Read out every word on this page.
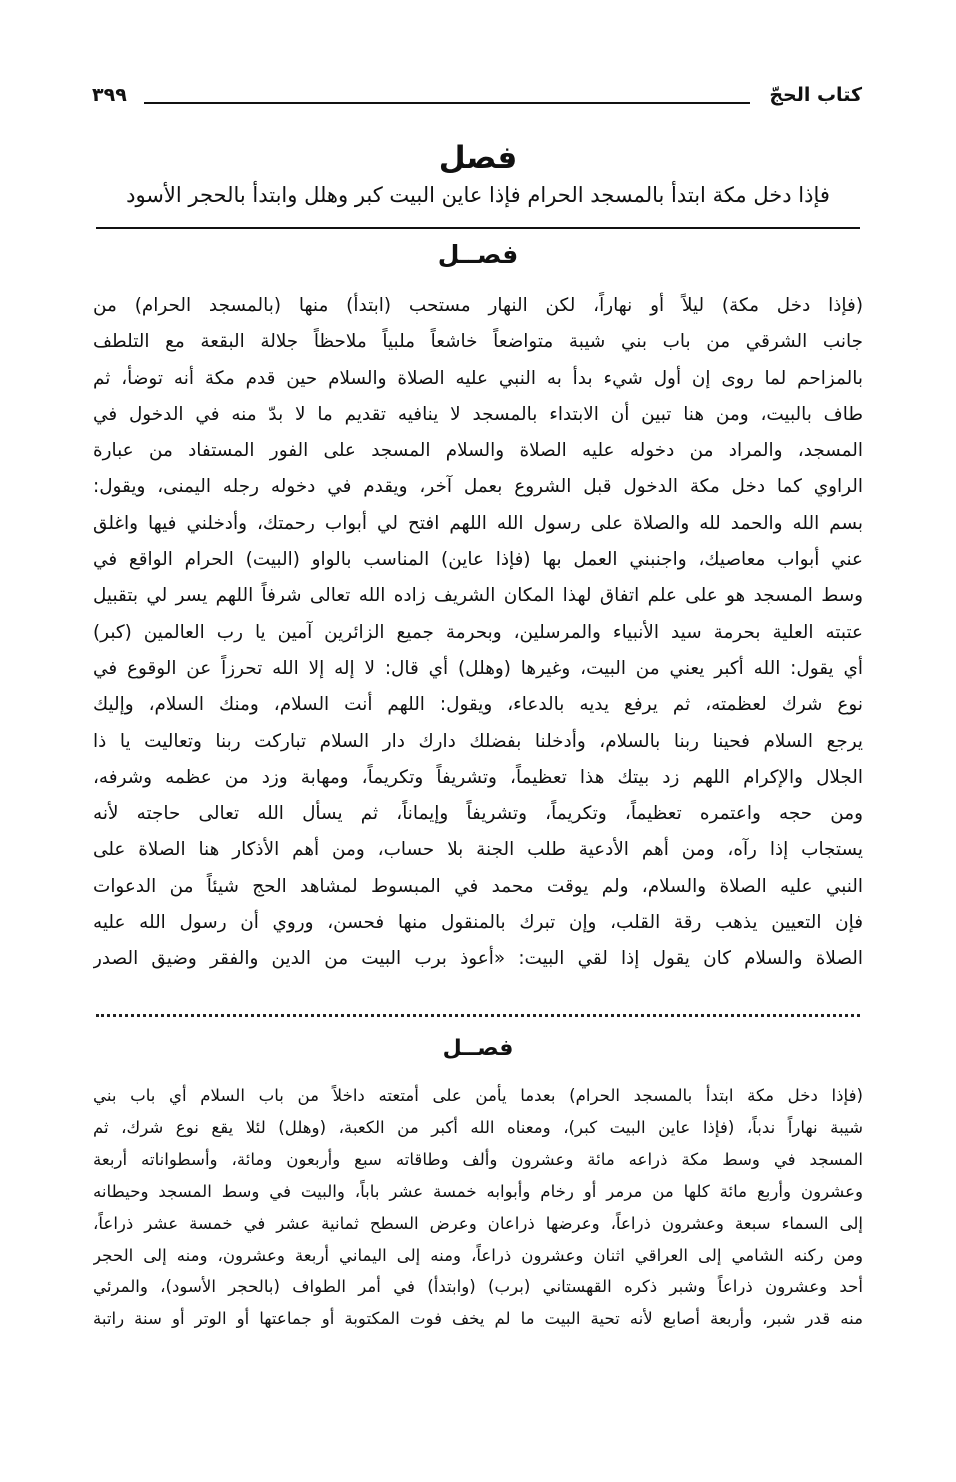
كتاب الحجّ
٣٩٩
فصل
فإذا دخل مكة ابتدأ بالمسجد الحرام فإذا عاين البيت كبر وهلل وابتدأ بالحجر الأسود
فصــل
(فإذا دخل مكة) ليلاً أو نهاراً، لكن النهار مستحب (ابتدأ) منها (بالمسجد الحرام) من
جانب الشرقي من باب بني شيبة متواضعاً خاشعاً ملبياً ملاحظاً جلالة البقعة مع التلطف
بالمزاحم لما روى إن أول شيء بدأ به النبي عليه الصلاة والسلام حين قدم مكة أنه توضأ، ثم
طاف بالبيت، ومن هنا تبين أن الابتداء بالمسجد لا ينافيه تقديم ما لا بدّ منه في الدخول في
المسجد، والمراد من دخوله عليه الصلاة والسلام المسجد على الفور المستفاد من عبارة
الراوي كما دخل مكة الدخول قبل الشروع بعمل آخر، ويقدم في دخوله رجله اليمنى، ويقول:
بسم الله والحمد لله والصلاة على رسول الله اللهم افتح لي أبواب رحمتك، وأدخلني فيها واغلق
عني أبواب معاصيك، واجنبني العمل بها (فإذا عاين) المناسب بالواو (البيت) الحرام الواقع في
وسط المسجد هو على علم اتفاق لهذا المكان الشريف زاده الله تعالى شرفاً اللهم يسر لي بتقبيل
عتبته العلية بحرمة سيد الأنبياء والمرسلين، وبحرمة جميع الزائرين آمين يا رب العالمين (كبر)
أي يقول: الله أكبر يعني من البيت، وغيرها (وهلل) أي قال: لا إله إلا الله تحرزاً عن الوقوع في
نوع شرك لعظمته، ثم يرفع يديه بالدعاء، ويقول: اللهم أنت السلام، ومنك السلام، وإليك
يرجع السلام فحينا ربنا بالسلام، وأدخلنا بفضلك دارك دار السلام تباركت ربنا وتعاليت يا ذا
الجلال والإكرام اللهم زد بيتك هذا تعظيماً، وتشريفاً وتكريماً، ومهابة وزد من عظمه وشرفه،
ومن حجه واعتمره تعظيماً، وتكريماً، وتشريفاً وإيماناً، ثم يسأل الله تعالى حاجته لأنه
يستجاب إذا رآه، ومن أهم الأدعية طلب الجنة بلا حساب، ومن أهم الأذكار هنا الصلاة على
النبي عليه الصلاة والسلام، ولم يوقت محمد في المبسوط لمشاهد الحج شيئاً من الدعوات
فإن التعيين يذهب رقة القلب، وإن تبرك بالمنقول منها فحسن، وروي أن رسول الله عليه
الصلاة والسلام كان يقول إذا لقي البيت: «أعوذ برب البيت من الدين والفقر وضيق الصدر
فصــل
(فإذا دخل مكة ابتدأ بالمسجد الحرام) بعدما يأمن على أمتعته داخلاً من باب السلام أي باب بني
شيبة نهاراً ندباً، (فإذا عاين البيت كبر)، ومعناه الله أكبر من الكعبة، (وهلل) لئلا يقع نوع شرك، ثم
المسجد في وسط مكة ذراعه مائة وعشرون وألف وطاقاته سبع وأربعون ومائة، وأسطواناته أربعة
وعشرون وأربع مائة كلها من مرمر أو رخام وأبوابه خمسة عشر باباً، والبيت في وسط المسجد وحيطانه
إلى السماء سبعة وعشرون ذراعاً، وعرضها ذراعان وعرض السطح ثمانية عشر في خمسة عشر ذراعاً،
ومن ركنه الشامي إلى العراقي اثنان وعشرون ذراعاً، ومنه إلى اليماني أربعة وعشرون، ومنه إلى الحجر
أحد وعشرون ذراعاً وشبر ذكره القهستاني (برب) (وابتدأ) في أمر الطواف (بالحجر الأسود)، والمرئي
منه قدر شبر، وأربعة أصابع لأنه تحية البيت ما لم يخف فوت المكتوبة أو جماعتها أو الوتر أو سنة راتبة
